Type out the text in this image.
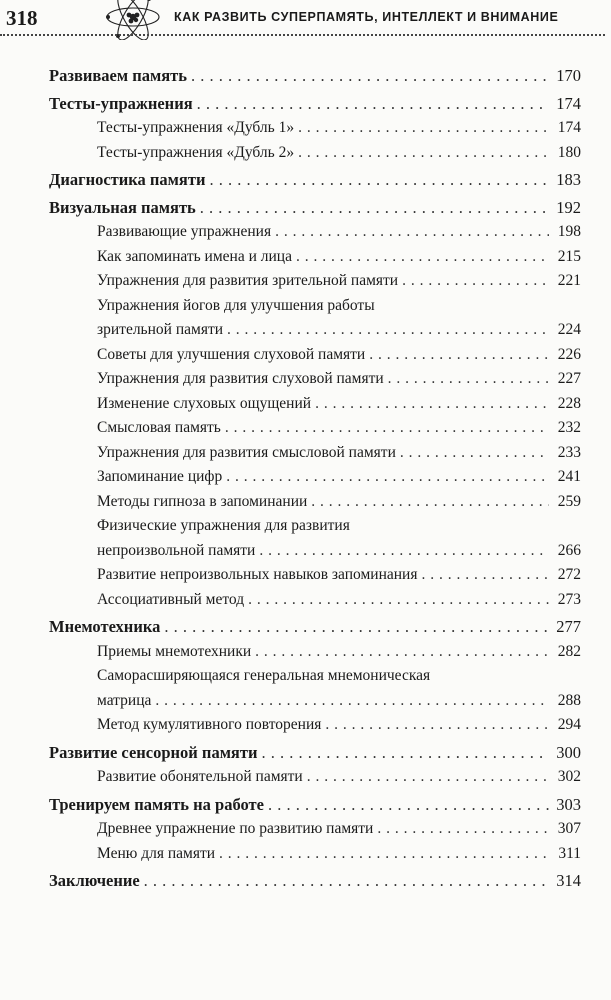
318	КАК РАЗВИТЬ СУПЕРПАМЯТЬ, ИНТЕЛЛЕКТ И ВНИМАНИЕ
Развиваем память . . .	170
Тесты-упражнения . . .	174
Тесты-упражнения «Дубль 1» . . .	174
Тесты-упражнения «Дубль 2» . . .	180
Диагностика памяти . . .	183
Визуальная память . . .	192
Развивающие упражнения . . .	198
Как запоминать имена и лица . . .	215
Упражнения для развития зрительной памяти . . .	221
Упражнения йогов для улучшения работы
зрительной памяти . . .	224
Советы для улучшения слуховой памяти . . .	226
Упражнения для развития слуховой памяти . . .	227
Изменение слуховых ощущений . . .	228
Смысловая память . . .	232
Упражнения для развития смысловой памяти . . .	233
Запоминание цифр . . .	241
Методы гипноза в запоминании . . .	259
Физические упражнения для развития
непроизвольной памяти . . .	266
Развитие непроизвольных навыков запоминания . . .	272
Ассоциативный метод . . .	273
Мнемотехника . . .	277
Приемы мнемотехники . . .	282
Саморасширяющаяся генеральная мнемоническая
матрица . . .	288
Метод кумулятивного повторения . . .	294
Развитие сенсорной памяти . . .	300
Развитие обонятельной памяти . . .	302
Тренируем память на работе . . .	303
Древнее упражнение по развитию памяти . . .	307
Меню для памяти . . .	311
Заключение . . .	314
